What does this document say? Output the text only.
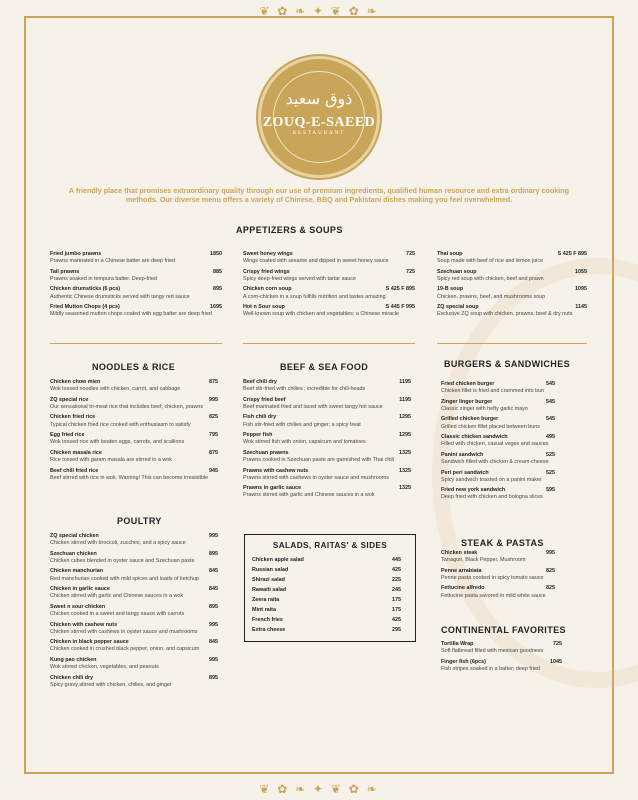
❦ ✿ ❧ ✦ ❦ ✿ ❧
❦ ✿ ❧ ✦ ❦ ✿ ❧
ذوق سعید
ZOUQ-E-SAEED
RESTAURANT
A friendly place that promises extraordinary quality through our use of premium ingredients, qualified human resource and extra ordinary cooking methods. Our diverse menu offers a variety of Chinese, BBQ and Pakistani dishes making you feel overwhelmed.
APPETIZERS & SOUPS
Fried jumbo prawns	1850
Prawns marinated in a Chinese batter are deep fried
Tail prawns	885
Prawns soaked in tempura batter. Deep-fried
Chicken drumsticks (6 pcs)	895
Authentic Chinese drumsticks served with tangy red sauce
Fried Mutton Chops (4 pcs)	1695
Mildly seasoned mutton chops coated with egg batter are deep fried
Sweet honey wings	725
Wings coated with sesame and dipped in sweet honey sauce
Crispy fried wings	725
Spicy deep-fried wings served with tartar sauce
Chicken corn soup	S 425 F 895
A corn-chicken in a soup fulfills nutrition and tastes amazing
Hot n Sour soup	S 445 F 995
Well-known soup with chicken and vegetables; a Chinese miracle
Thai soup	S 425 F 895
Soup made with beef of rice and lemon juice
Szechuan soup	1055
Spicy red soup with chicken, beef and prawn
19-B soup	1095
Chicken, prawns, beef, and mushrooms soup
ZQ special soup	1145
Exclusive ZQ soup with chicken, prawns, beef & dry nuts
NOODLES & RICE
Chicken chow mien	875
Wok tossed noodles with chicken, carrot, and cabbage
ZQ special rice	995
Our sensational tri-meat rice that includes beef, chicken, prawns
Chicken fried rice	825
Typical chicken fried rice cooked with enthusiasm to satisfy
Egg fried rice	795
Wok tossed rice with beaten eggs, carrots, and scallions
Chicken masala rice	875
Rice tossed with garam masala are stirred in a wok
Beef chili fried rice	945
Beef stirred with rice in wok. Warning! This can become irresistible
POULTRY
ZQ special chicken	995
Chicken stirred with broccoli, zucchini, and a spicy sauce
Szechuan chicken	895
Chicken cubes blended in oyster sauce and Szechuan paste
Chicken manchurian	845
Red manchurian cooked with mild spices and loads of ketchup
Chicken in garlic sauce	845
Chicken stirred with garlic and Chinese sauces in a wok
Sweet n sour chicken	895
Chicken cooked in a sweet and tangy sauce with carrots
Chicken with cashew nuts	995
Chicken stirred with cashews in oyster sauce and mushrooms
Chicken in black pepper sauce	845
Chicken cooked in crushed black pepper, onion, and capsicum
Kung pao chicken	995
Wok stirred chicken, vegetables, and peanuts
Chicken chili dry	895
Spicy gravy stirred with chicken, chilies, and ginger
BEEF & SEA FOOD
Beef chili dry	1195
Beef stir-fried with chilies ; incredible for chili-heads
Crispy fried beef	1195
Beef marinated fried and laced with sweet tangy hot sauce
Fish chili dry	1295
Fish stir-fried with chilies and ginger; a spicy treat
Pepper fish	1295
Wok stirred fish with onion, capsicum and tomatoes
Szechuan prawns	1325
Prawns cooked in Szechuan paste are garnished with Thai chili
Prawns with cashew nuts	1325
Prawns stirred with cashews in oyster sauce and mushrooms
Prawns in garlic sauce	1325
Prawns stirred with garlic and Chinese sauces in a wok
SALADS, RAITAS' & SIDES
Chicken apple salad	445
Russian salad	425
Shirazi salad	225
Rawaiti salad	245
Zeera raita	175
Mint raita	175
French fries	425
Extra cheese	295
BURGERS & SANDWICHES
Fried chicken burger	545
Chicken fillet is fried and crammed into bun
Zinger linger burger	545
Classic zinger with hefty garlic mayo
Grilled chicken burger	545
Grilled chicken fillet placed between buns
Classic chicken sandwich	495
Filled with chicken, casual veges and sauces
Panini sandwich	525
Sandwich filled with chicken & cream-cheese
Peri peri sandwich	525
Spicy sandwich toasted on a panini maker
Fried new york sandwich	595
Deep fried with chicken and bologna slices
STEAK & PASTAS
Chicken steak	995
Tarragon, Black Pepper, Mushroom
Penne arrabiata	825
Penne pasta cooked in spicy tomato sauce
Fettucine alfredo	825
Fettucine pasta savored in mild white sauce
CONTINENTAL FAVORITES
Tortilla Wrap	725
Soft flatbread filled with mexican goodness
Finger fish (6pcs)	1045
Fish stripes soaked in a batter; deep fried
